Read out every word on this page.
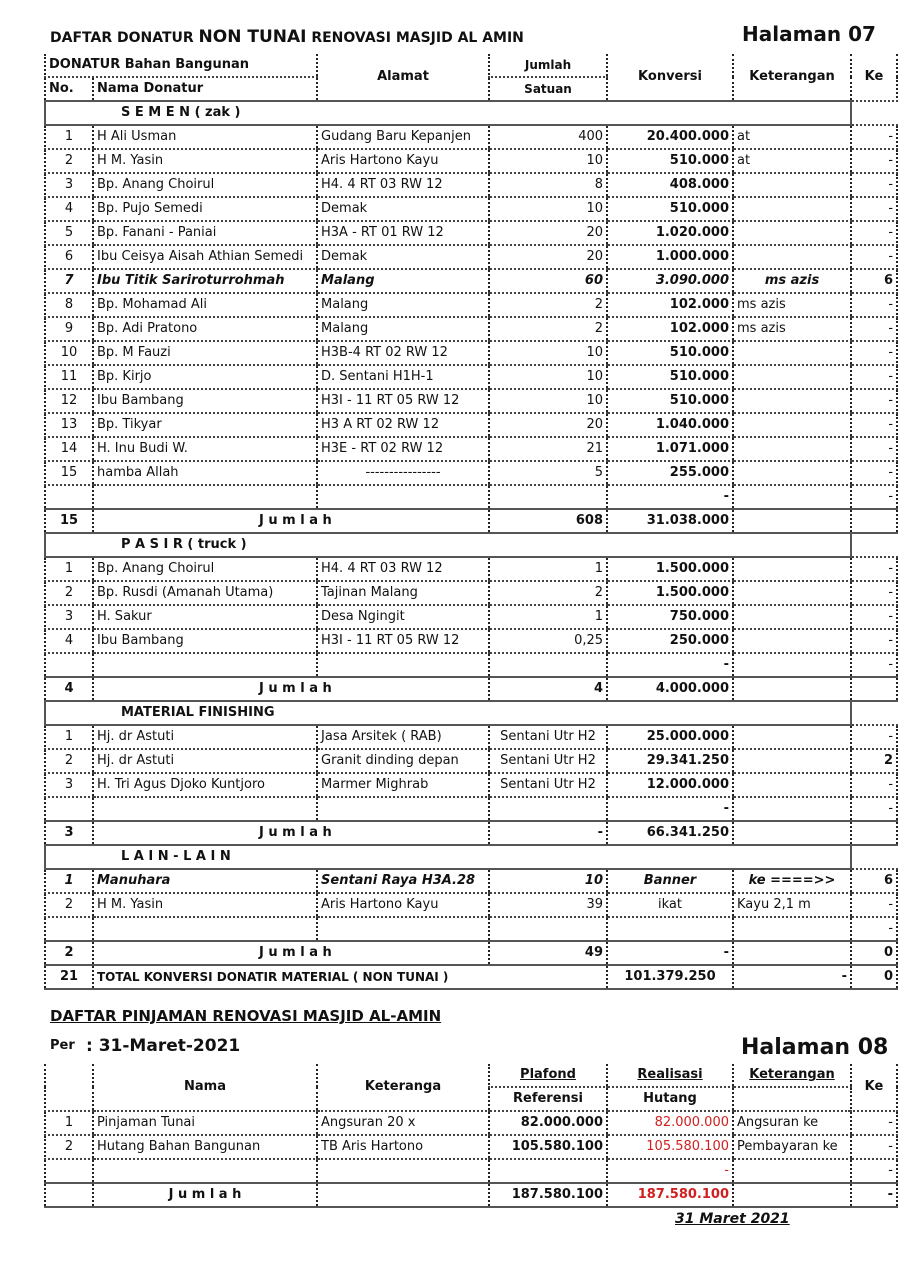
DAFTAR DONATUR NON TUNAI RENOVASI MASJID AL AMIN	Halaman 07
DONATUR Bahan Bangunan		Alamat	Jumlah	Konversi	Keterangan	Ke
No.	Nama Donatur		Satuan			
S E M E N ( zak )						
1	H Ali Usman	Gudang Baru Kepanjen	400	20.400.000	at	-
2	H M. Yasin	Aris Hartono Kayu	10	510.000	at	-
3	Bp. Anang Choirul	H4. 4 RT 03 RW 12	8	408.000		-
4	Bp. Pujo Semedi	Demak	10	510.000		-
5	Bp. Fanani - Paniai	H3A - RT 01 RW 12	20	1.020.000		-
6	Ibu Ceisya Aisah Athian Semedi	Demak	20	1.000.000		-
7	Ibu Titik Sariroturrohmah	Malang	60	3.090.000	ms azis	6
8	Bp. Mohamad Ali	Malang	2	102.000	ms azis	-
9	Bp. Adi Pratono	Malang	2	102.000	ms azis	-
10	Bp. M Fauzi	H3B-4 RT 02 RW 12	10	510.000		-
11	Bp. Kirjo	D. Sentani H1H-1	10	510.000		-
12	Ibu Bambang	H3I - 11 RT 05 RW 12	10	510.000		-
13	Bp. Tikyar	H3 A RT 02 RW 12	20	1.040.000		-
14	H. Inu Budi W.	H3E - RT 02 RW 12	21	1.071.000		-
15	hamba Allah	----------------	5	255.000		-
				-		-
15	J u m l a h		608	31.038.000		
P A S I R ( truck )						
1	Bp. Anang Choirul	H4. 4 RT 03 RW 12	1	1.500.000		-
2	Bp. Rusdi (Amanah Utama)	Tajinan Malang	2	1.500.000		-
3	H. Sakur	Desa Ngingit	1	750.000		-
4	Ibu Bambang	H3I - 11 RT 05 RW 12	0,25	250.000		-
				-		-
4	J u m l a h		4	4.000.000		
MATERIAL FINISHING						
1	Hj. dr Astuti	Jasa Arsitek ( RAB)	Sentani Utr H2	25.000.000		-
2	Hj. dr Astuti	Granit dinding depan	Sentani Utr H2	29.341.250		2
3	H. Tri Agus Djoko Kuntjoro	Marmer Mighrab	Sentani Utr H2	12.000.000		-
				-		-
3	J u m l a h		-	66.341.250		
L A I N - L A I N						
1	Manuhara	Sentani Raya H3A.28	10	Banner	ke ====>>	6
2	H M. Yasin	Aris Hartono Kayu	39	ikat	Kayu 2,1 m	-
						-
2	J u m l a h		49	-		0
21	TOTAL KONVERSI DONATIR MATERIAL ( NON TUNAI )			101.379.250	-	0
DAFTAR PINJAMAN RENOVASI MASJID AL-AMIN
Per : 31-Maret-2021	Halaman 08
	Nama	Keteranga	Plafond	Realisasi	Keterangan	Ke
			Referensi	Hutang		
1	Pinjaman Tunai	Angsuran 20 x	82.000.000	82.000.000	Angsuran ke	-
2	Hutang Bahan Bangunan	TB Aris Hartono	105.580.100	105.580.100	Pembayaran ke	-
				-		-
	J u m l a h		187.580.100	187.580.100		-
31 Maret 2021
